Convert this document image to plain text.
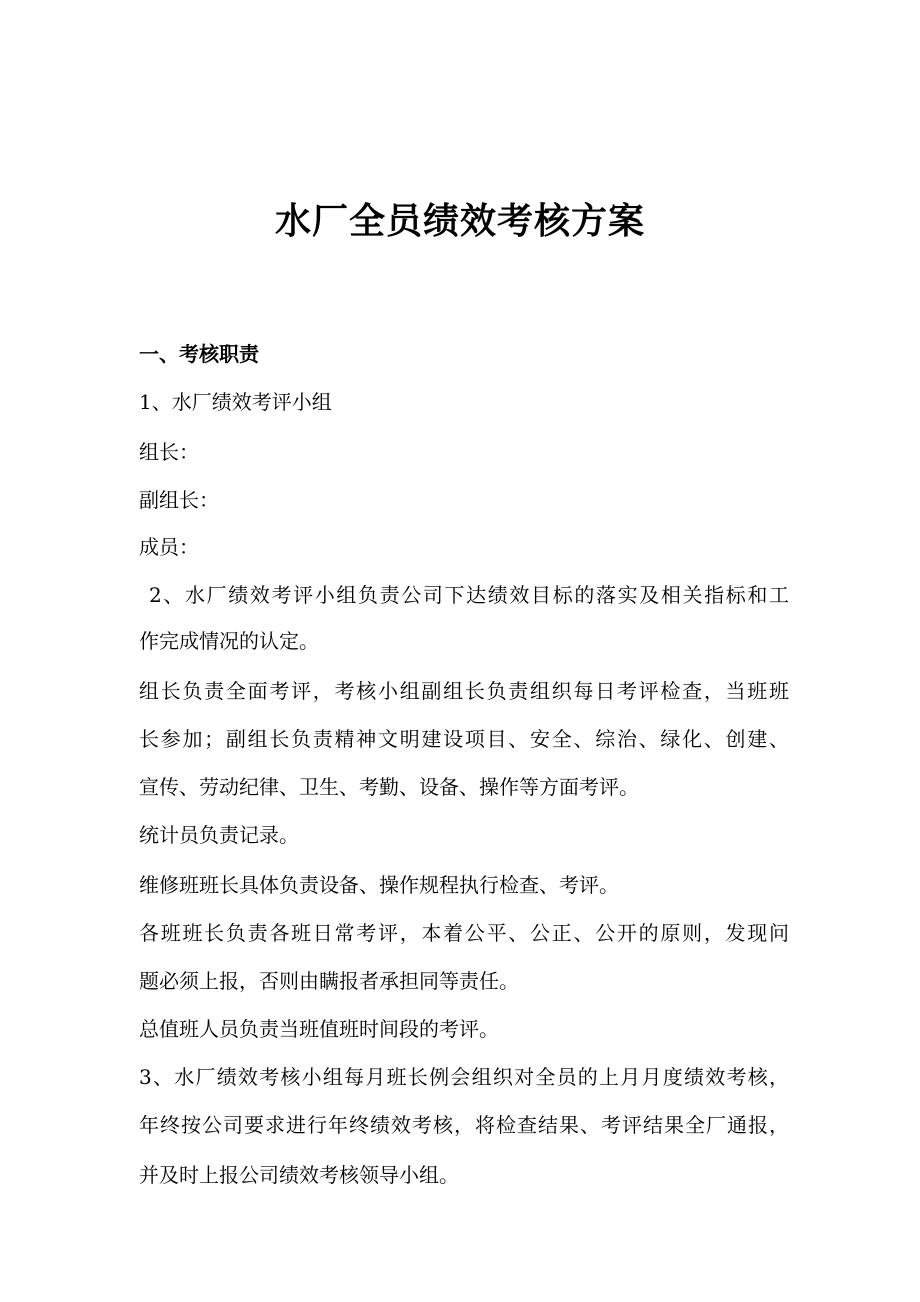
水厂全员绩效考核方案
一、考核职责
1、水厂绩效考评小组
组长：
副组长：
成员：
2、水厂绩效考评小组负责公司下达绩效目标的落实及相关指标和工
作完成情况的认定。
组长负责全面考评，考核小组副组长负责组织每日考评检查，当班班
长参加；副组长负责精神文明建设项目、安全、综治、绿化、创建、
宣传、劳动纪律、卫生、考勤、设备、操作等方面考评。
统计员负责记录。
维修班班长具体负责设备、操作规程执行检查、考评。
各班班长负责各班日常考评，本着公平、公正、公开的原则，发现问
题必须上报，否则由瞒报者承担同等责任。
总值班人员负责当班值班时间段的考评。
3、水厂绩效考核小组每月班长例会组织对全员的上月月度绩效考核，
年终按公司要求进行年终绩效考核，将检查结果、考评结果全厂通报，
并及时上报公司绩效考核领导小组。
